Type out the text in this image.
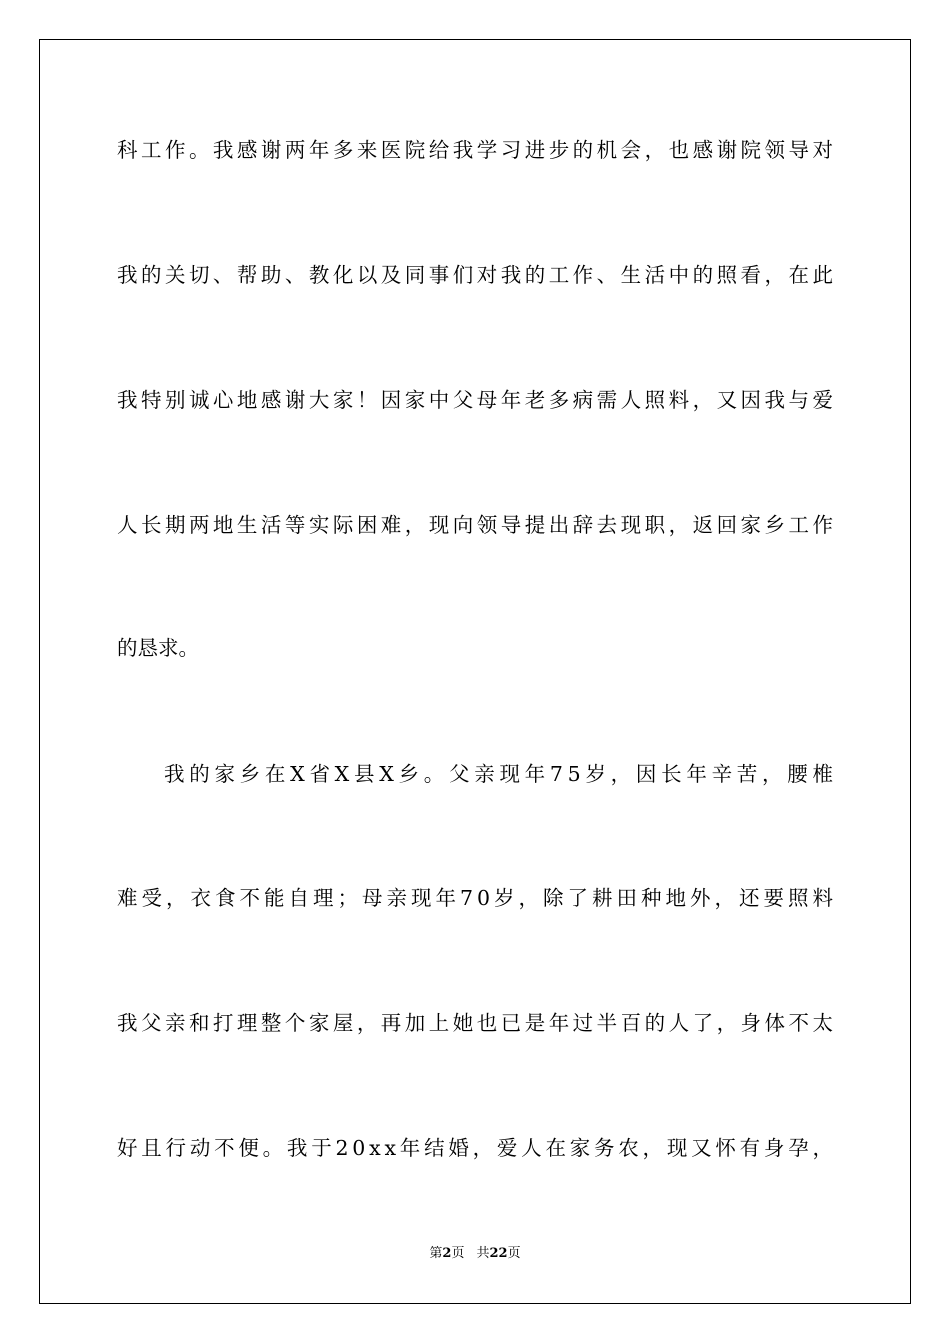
科工作。我感谢两年多来医院给我学习进步的机会，也感谢院领导对
我的关切、帮助、教化以及同事们对我的工作、生活中的照看，在此
我特别诚心地感谢大家！因家中父母年老多病需人照料，又因我与爱
人长期两地生活等实际困难，现向领导提出辞去现职，返回家乡工作
的恳求。
我的家乡在X省X县X乡。父亲现年75岁，因长年辛苦，腰椎
难受，衣食不能自理；母亲现年70岁，除了耕田种地外，还要照料
我父亲和打理整个家屋，再加上她也已是年过半百的人了，身体不太
好且行动不便。我于20xx年结婚，爱人在家务农，现又怀有身孕，
第2页 共22页
